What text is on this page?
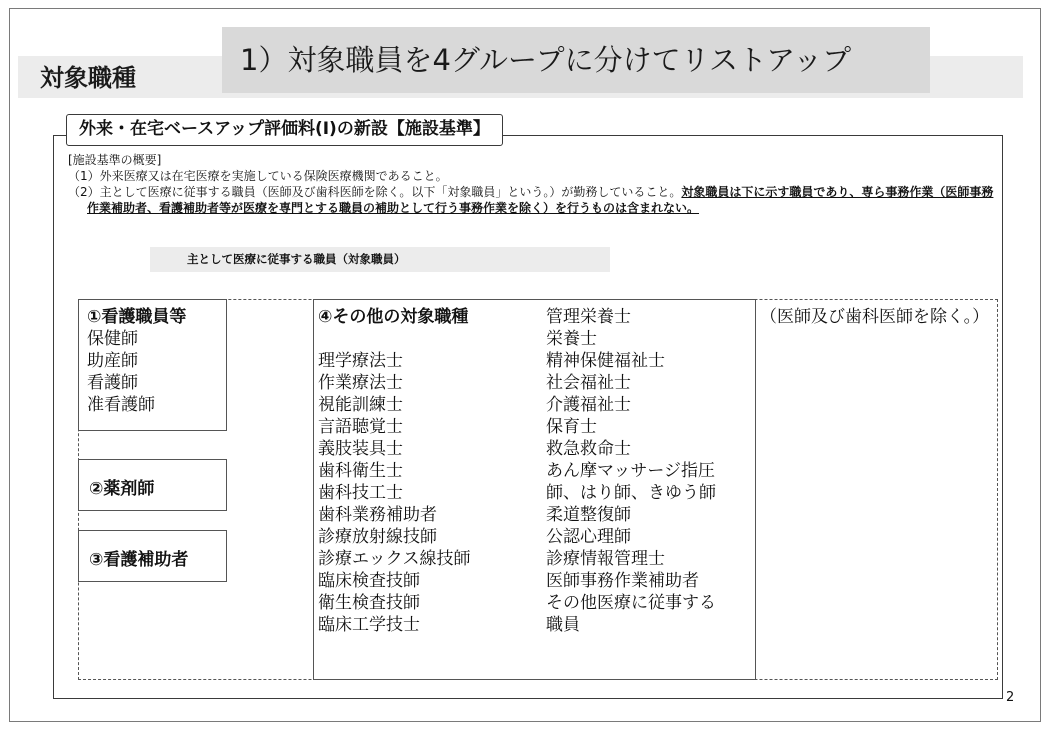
対象職種
1）対象職員を4グループに分けてリストアップ
外来・在宅ベースアップ評価料(I)の新設【施設基準】

[施設基準の概要]

（1）外来医療又は在宅医療を実施している保険医療機関であること。

（2）主として医療に従事する職員（医師及び歯科医師を除く。以下「対象職員」という。）が勤務していること。対象職員は下に示す職員であり、専ら事務作業（医師事務作業補助者、看護補助者等が医療を専門とする職員の補助として行う事務作業を除く）を行うものは含まれない。

主として医療に従事する職員（対象職員）
①看護職員等
保健師
助産師
看護師
准看護師
②薬剤師
③看護補助者
④その他の対象職種

理学療法士
作業療法士
視能訓練士
言語聴覚士
義肢装具士
歯科衛生士
歯科技工士
歯科業務補助者
診療放射線技師
診療エックス線技師
臨床検査技師
衛生検査技師
臨床工学技士
管理栄養士
栄養士
精神保健福祉士
社会福祉士
介護福祉士
保育士
救急救命士
あん摩マッサージ指圧
師、はり師、きゆう師
柔道整復師
公認心理師
診療情報管理士
医師事務作業補助者
その他医療に従事する
職員
（医師及び歯科医師を除く。）
2
